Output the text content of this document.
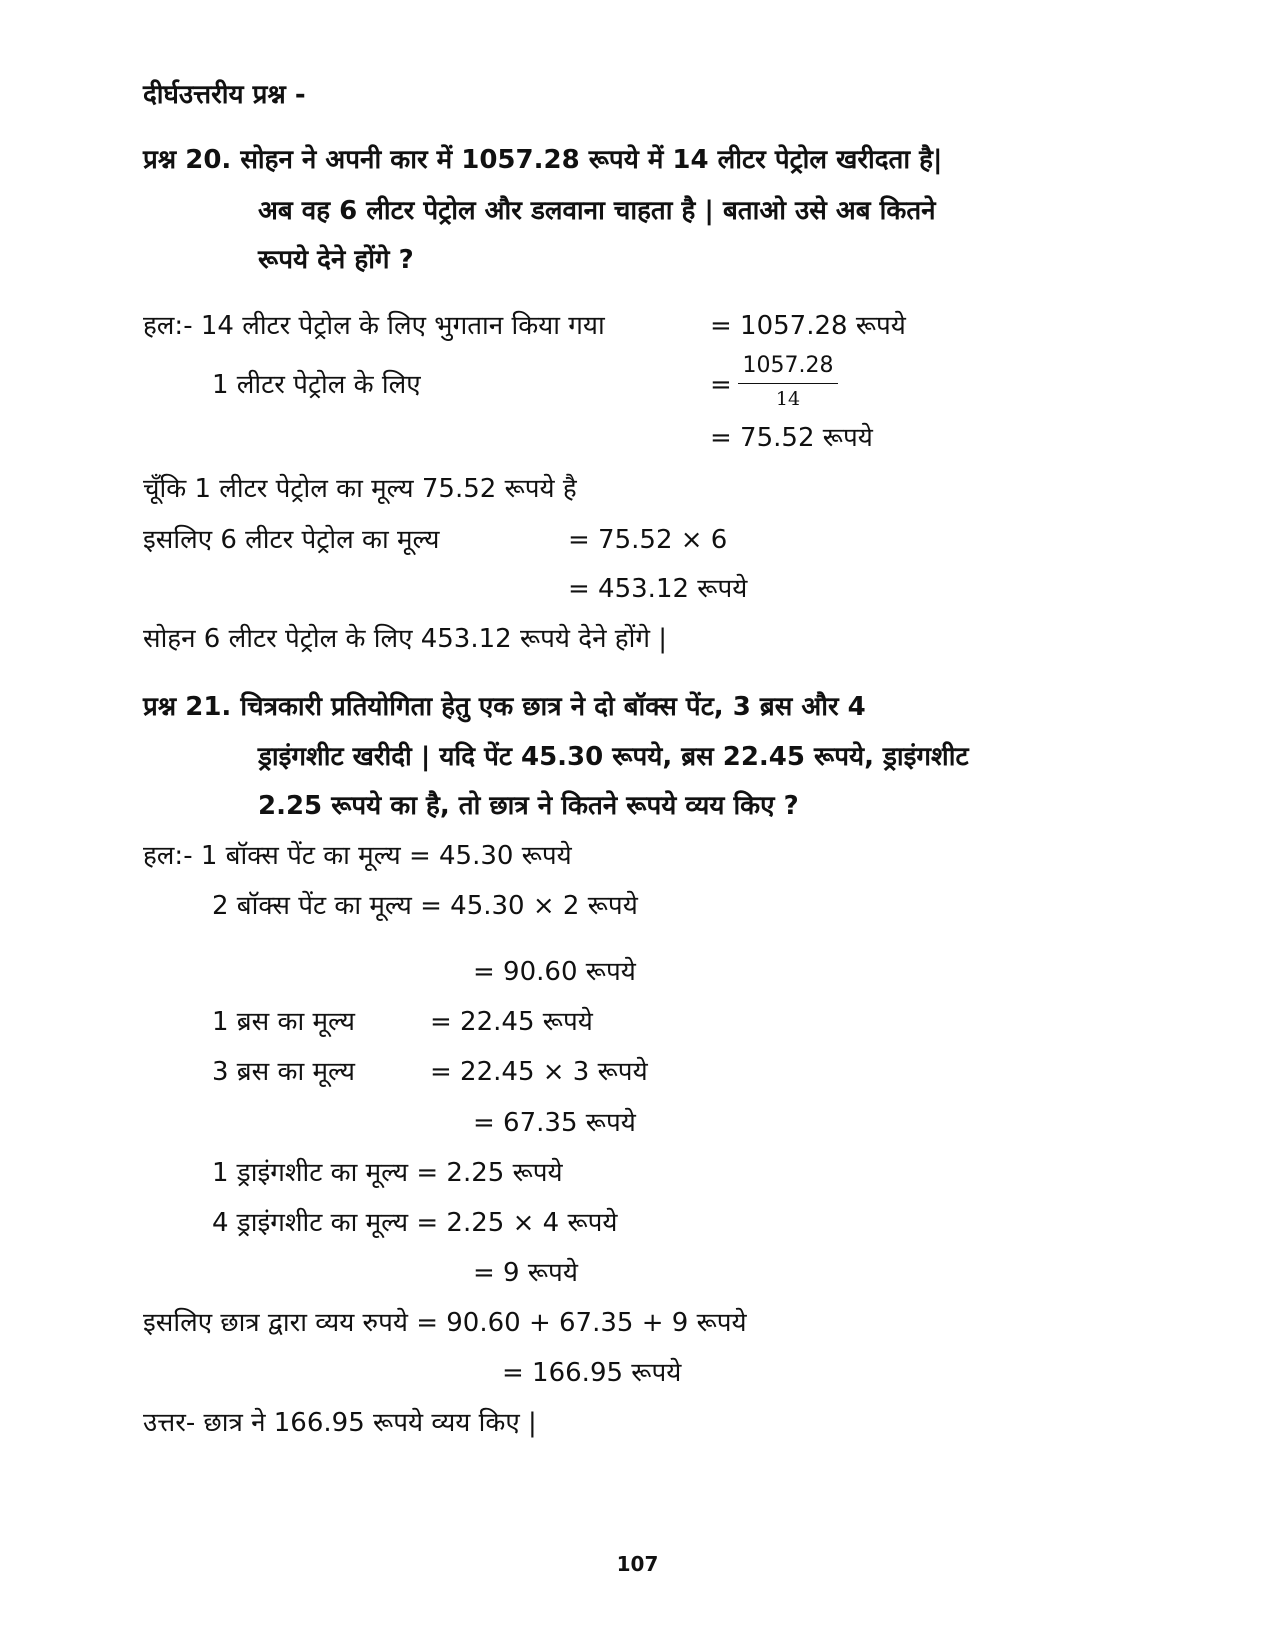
दीर्घउत्तरीय प्रश्न -
प्रश्न 20. सोहन ने अपनी कार में 1057.28 रूपये में 14 लीटर पेट्रोल खरीदता है|
अब वह 6 लीटर पेट्रोल और डलवाना चाहता है | बताओ उसे अब कितने
रूपये देने होंगे ?
हल:- 14 लीटर पेट्रोल के लिए भुगतान किया गया	= 1057.28 रूपये
1 लीटर पेट्रोल के लिए	=
1057.28
14
= 75.52 रूपये
चूँकि 1 लीटर पेट्रोल का मूल्य 75.52 रूपये है
इसलिए 6 लीटर पेट्रोल का मूल्य	= 75.52 × 6
= 453.12 रूपये
सोहन 6 लीटर पेट्रोल के लिए 453.12 रूपये देने होंगे |
प्रश्न 21. चित्रकारी प्रतियोगिता हेतु एक छात्र ने दो बॉक्स पेंट, 3 ब्रस और 4
ड्राइंगशीट खरीदी | यदि पेंट 45.30 रूपये, ब्रस 22.45 रूपये, ड्राइंगशीट
2.25 रूपये का है, तो छात्र ने कितने रूपये व्यय किए ?
हल:- 1 बॉक्स पेंट का मूल्य = 45.30 रूपये
2 बॉक्स पेंट का मूल्य = 45.30 × 2 रूपये
= 90.60 रूपये
1 ब्रस का मूल्य	= 22.45 रूपये
3 ब्रस का मूल्य	= 22.45 × 3 रूपये
= 67.35 रूपये
1 ड्राइंगशीट का मूल्य = 2.25 रूपये
4 ड्राइंगशीट का मूल्य = 2.25 × 4 रूपये
= 9 रूपये
इसलिए छात्र द्वारा व्यय रुपये = 90.60 + 67.35 + 9 रूपये
= 166.95 रूपये
उत्तर- छात्र ने 166.95 रूपये व्यय किए |
107
